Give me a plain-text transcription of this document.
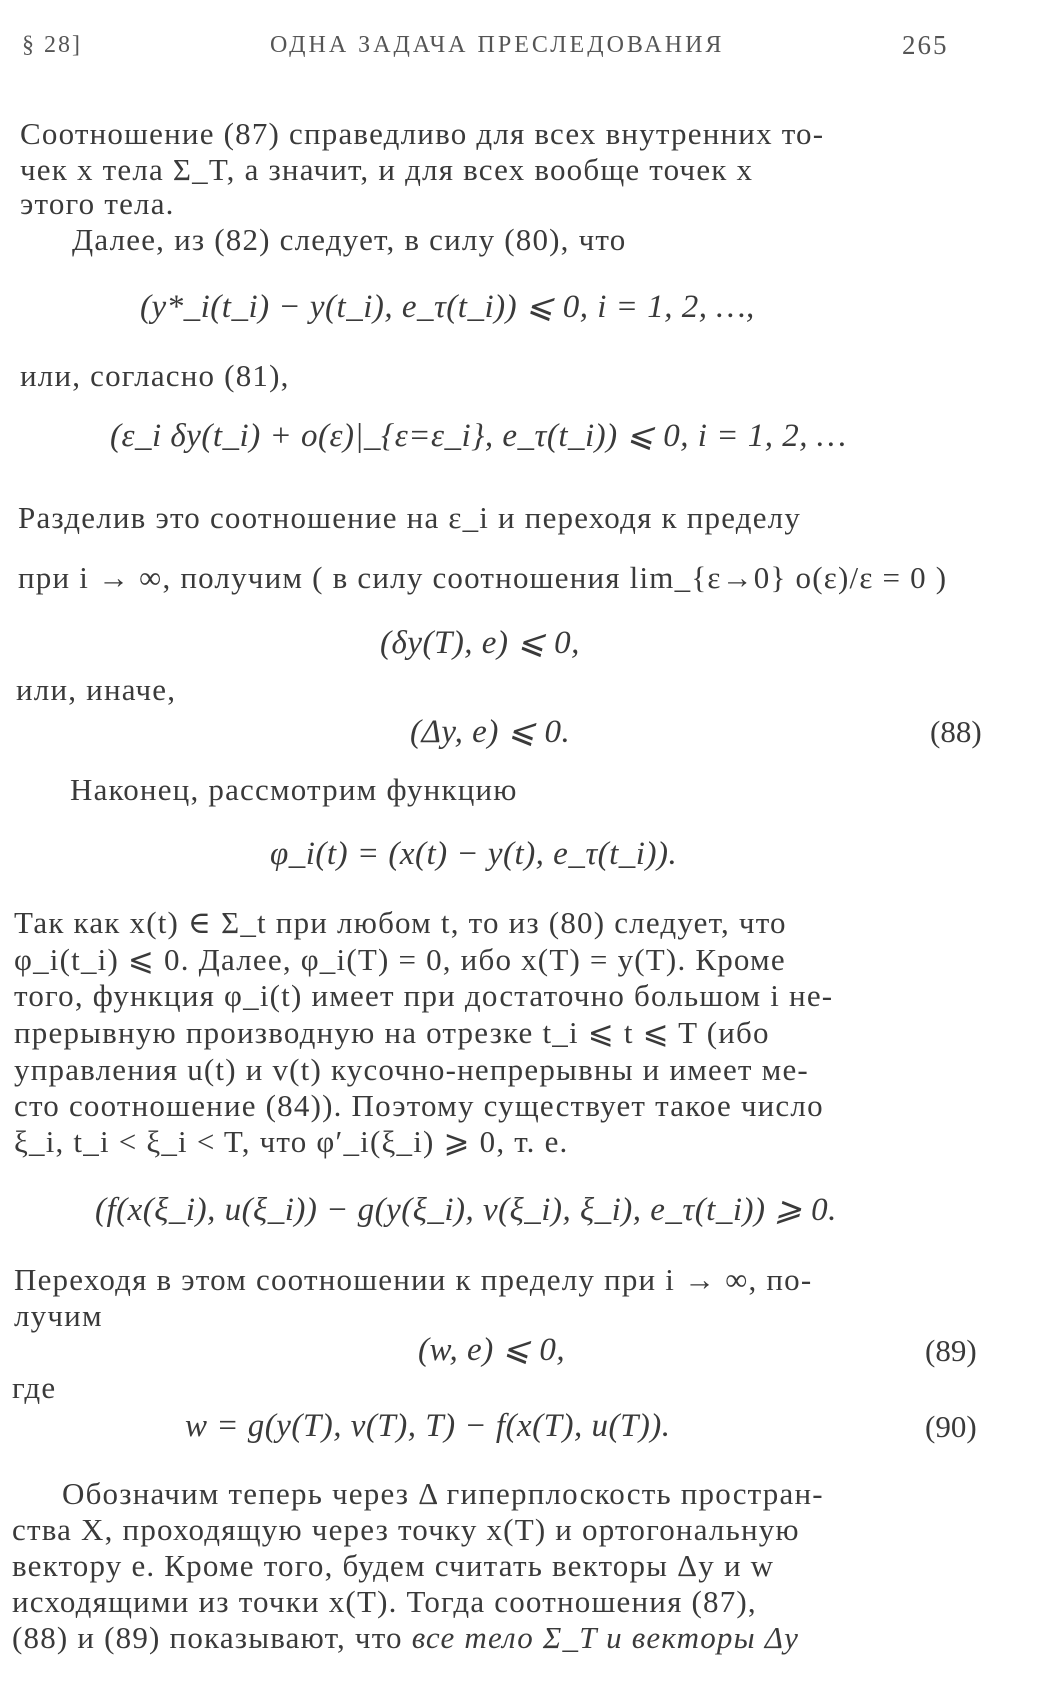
§ 28]	ОДНА ЗАДАЧА ПРЕСЛЕДОВАНИЯ	265
Соотношение (87) справедливо для всех внутренних то-
чек x тела Σ_T, а значит, и для всех вообще точек x
этого тела.
Далее, из (82) следует, в силу (80), что
(y*_i(t_i) − y(t_i), e_τ(t_i)) ⩽ 0, i = 1, 2, …,
или, согласно (81),
(ε_i δy(t_i) + o(ε)|_{ε=ε_i}, e_τ(t_i)) ⩽ 0, i = 1, 2, …
Разделив это соотношение на ε_i и переходя к пределу
при i → ∞, получим ( в силу соотношения lim_{ε→0} o(ε)/ε = 0 )
(δy(T), e) ⩽ 0,
или, иначе,
(Δy, e) ⩽ 0.	(88)
Наконец, рассмотрим функцию
φ_i(t) = (x(t) − y(t), e_τ(t_i)).
Так как x(t) ∈ Σ_t при любом t, то из (80) следует, что
φ_i(t_i) ⩽ 0. Далее, φ_i(T) = 0, ибо x(T) = y(T). Кроме
того, функция φ_i(t) имеет при достаточно большом i не-
прерывную производную на отрезке t_i ⩽ t ⩽ T (ибо
управления u(t) и v(t) кусочно-непрерывны и имеет ме-
сто соотношение (84)). Поэтому существует такое число
ξ_i, t_i < ξ_i < T, что φ′_i(ξ_i) ⩾ 0, т. е.
(f(x(ξ_i), u(ξ_i)) − g(y(ξ_i), v(ξ_i), ξ_i), e_τ(t_i)) ⩾ 0.
Переходя в этом соотношении к пределу при i → ∞, по-
лучим
(w, e) ⩽ 0,	(89)
где
w = g(y(T), v(T), T) − f(x(T), u(T)).	(90)
Обозначим теперь через Δ гиперплоскость простран-
ства X, проходящую через точку x(T) и ортогональную
вектору e. Кроме того, будем считать векторы Δy и w
исходящими из точки x(T). Тогда соотношения (87),
(88) и (89) показывают, что все тело Σ_T и векторы Δy
